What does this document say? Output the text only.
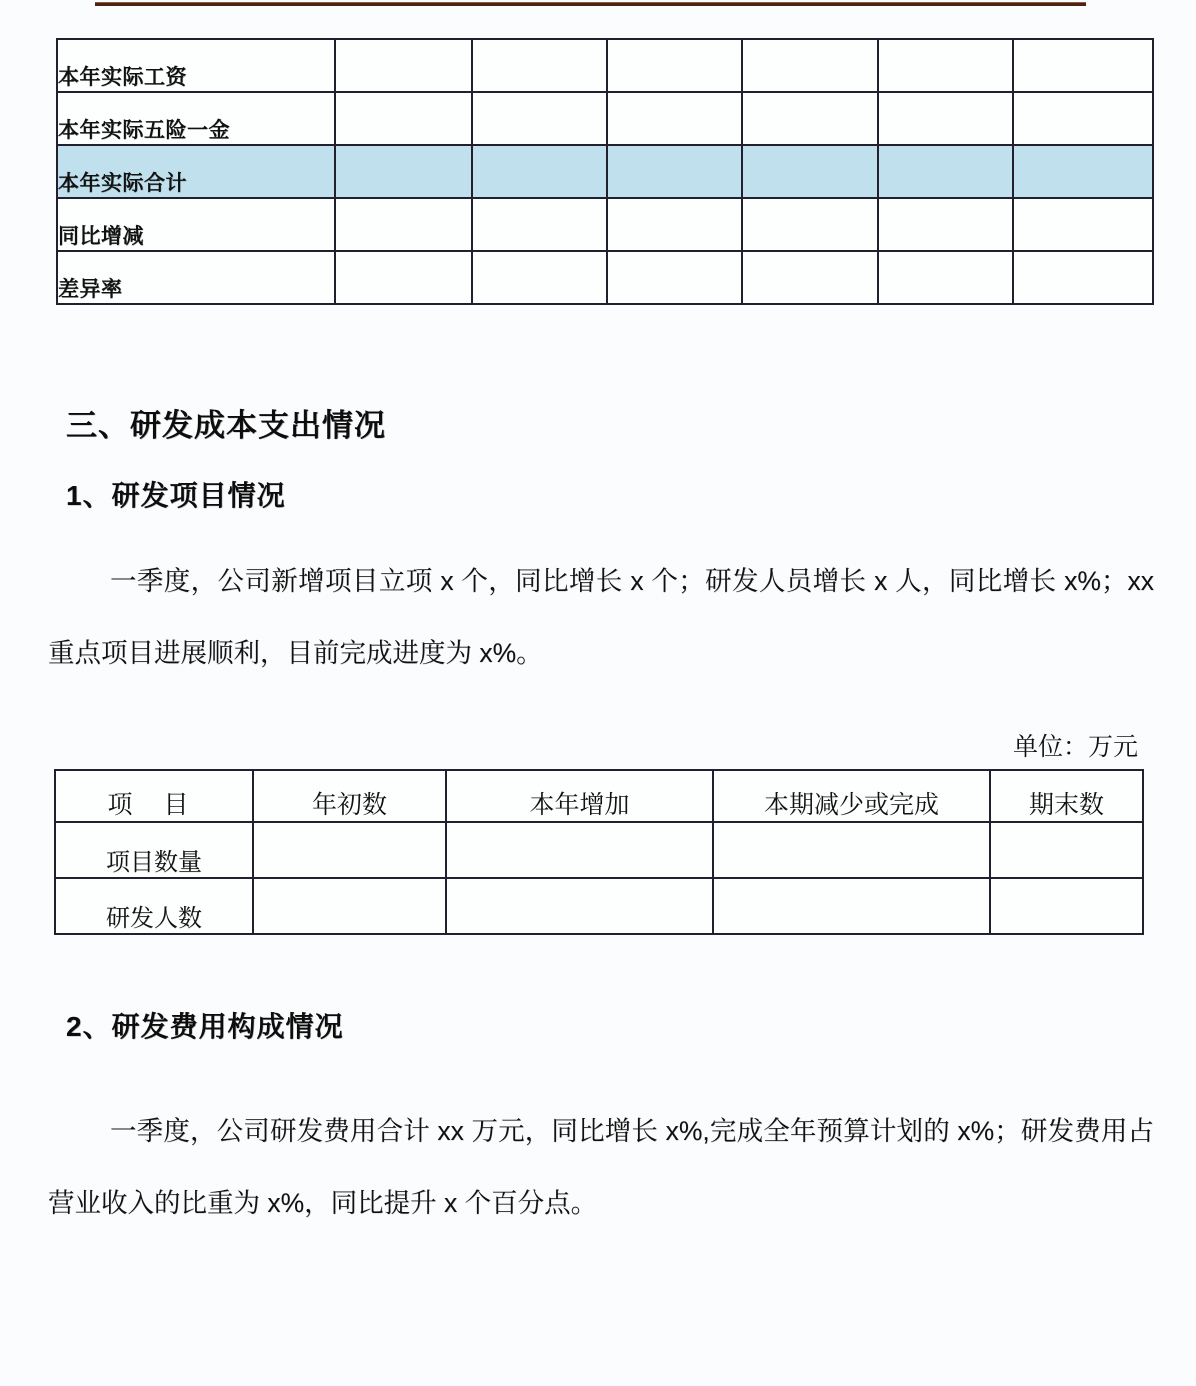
本年实际工资						
本年实际五险一金						
本年实际合计						
同比增减						
差异率						
三、研发成本支出情况
1、研发项目情况
一季度，公司新增项目立项 x 个，同比增长 x 个；研发人员增长 x 人，同比增长 x%；xx 重点项目进展顺利，目前完成进度为 x%。
单位：万元
项 目	年初数	本年增加	本期减少或完成	期末数
项目数量				
研发人数				
2、研发费用构成情况
一季度，公司研发费用合计 xx 万元，同比增长 x%,完成全年预算计划的 x%；研发费用占营业收入的比重为 x%，同比提升 x 个百分点。
